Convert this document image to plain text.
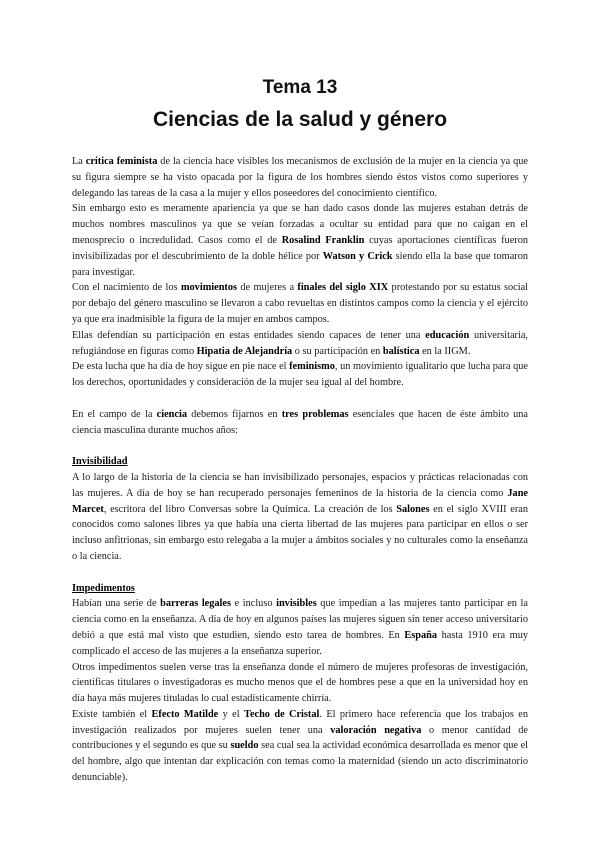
Tema 13
Ciencias de la salud y género

La crítica feminista de la ciencia hace visibles los mecanismos de exclusión de la mujer en la ciencia ya que su figura siempre se ha visto opacada por la figura de los hombres siendo éstos vistos como superiores y delegando las tareas de la casa a la mujer y ellos poseedores del conocimiento científico.

Sin embargo esto es meramente apariencia ya que se han dado casos donde las mujeres estaban detrás de muchos nombres masculinos ya que se veían forzadas a ocultar su entidad para que no caigan en el menosprecio o incredulidad. Casos como el de Rosalind Franklin cuyas aportaciones científicas fueron invisibilizadas por el descubrimiento de la doble hélice por Watson y Crick siendo ella la base que tomaron para investigar.

Con el nacimiento de los movimientos de mujeres a finales del siglo XIX protestando por su estatus social por debajo del género masculino se llevaron a cabo revueltas en distintos campos como la ciencia y el ejército ya que era inadmisible la figura de la mujer en ambos campos.

Ellas defendían su participación en estas entidades siendo capaces de tener una educación universitaria, refugiándose en figuras como Hipatia de Alejandría o su participación en balística en la IIGM.

De esta lucha que ha día de hoy sigue en pie nace el feminismo, un movimiento igualitario que lucha para que los derechos, oportunidades y consideración de la mujer sea igual al del hombre.

En el campo de la ciencia debemos fijarnos en tres problemas esenciales que hacen de éste ámbito una ciencia masculina durante muchos años:

Invisibilidad

A lo largo de la historia de la ciencia se han invisibilizado personajes, espacios y prácticas relacionadas con las mujeres. A día de hoy se han recuperado personajes femeninos de la historia de la ciencia como Jane Marcet, escritora del libro Conversas sobre la Química. La creación de los Salones en el siglo XVIII eran conocidos como salones libres ya que había una cierta libertad de las mujeres para participar en ellos o ser incluso anfitrionas, sin embargo esto relegaba a la mujer a ámbitos sociales y no culturales como la enseñanza o la ciencia.

Impedimentos

Habían una serie de barreras legales e incluso invisibles que impedían a las mujeres tanto participar en la ciencia como en la enseñanza. A día de hoy en algunos países las mujeres siguen sin tener acceso universitario debió a que está mal visto que estudien, siendo esto tarea de hombres. En España hasta 1910 era muy complicado el acceso de las mujeres a la enseñanza superior.

Otros impedimentos suelen verse tras la enseñanza donde el número de mujeres profesoras de investigación, científicas titulares o investigadoras es mucho menos que el de hombres pese a que en la universidad hoy en día haya más mujeres tituladas lo cual estadísticamente chirría.

Existe también el Efecto Matilde y el Techo de Cristal. El primero hace referencia que los trabajos en investigación realizados por mujeres suelen tener una valoración negativa o menor cantidad de contribuciones y el segundo es que su sueldo sea cual sea la actividad económica desarrollada es menor que el del hombre, algo que intentan dar explicación con temas como la maternidad (siendo un acto discriminatorio denunciable).
